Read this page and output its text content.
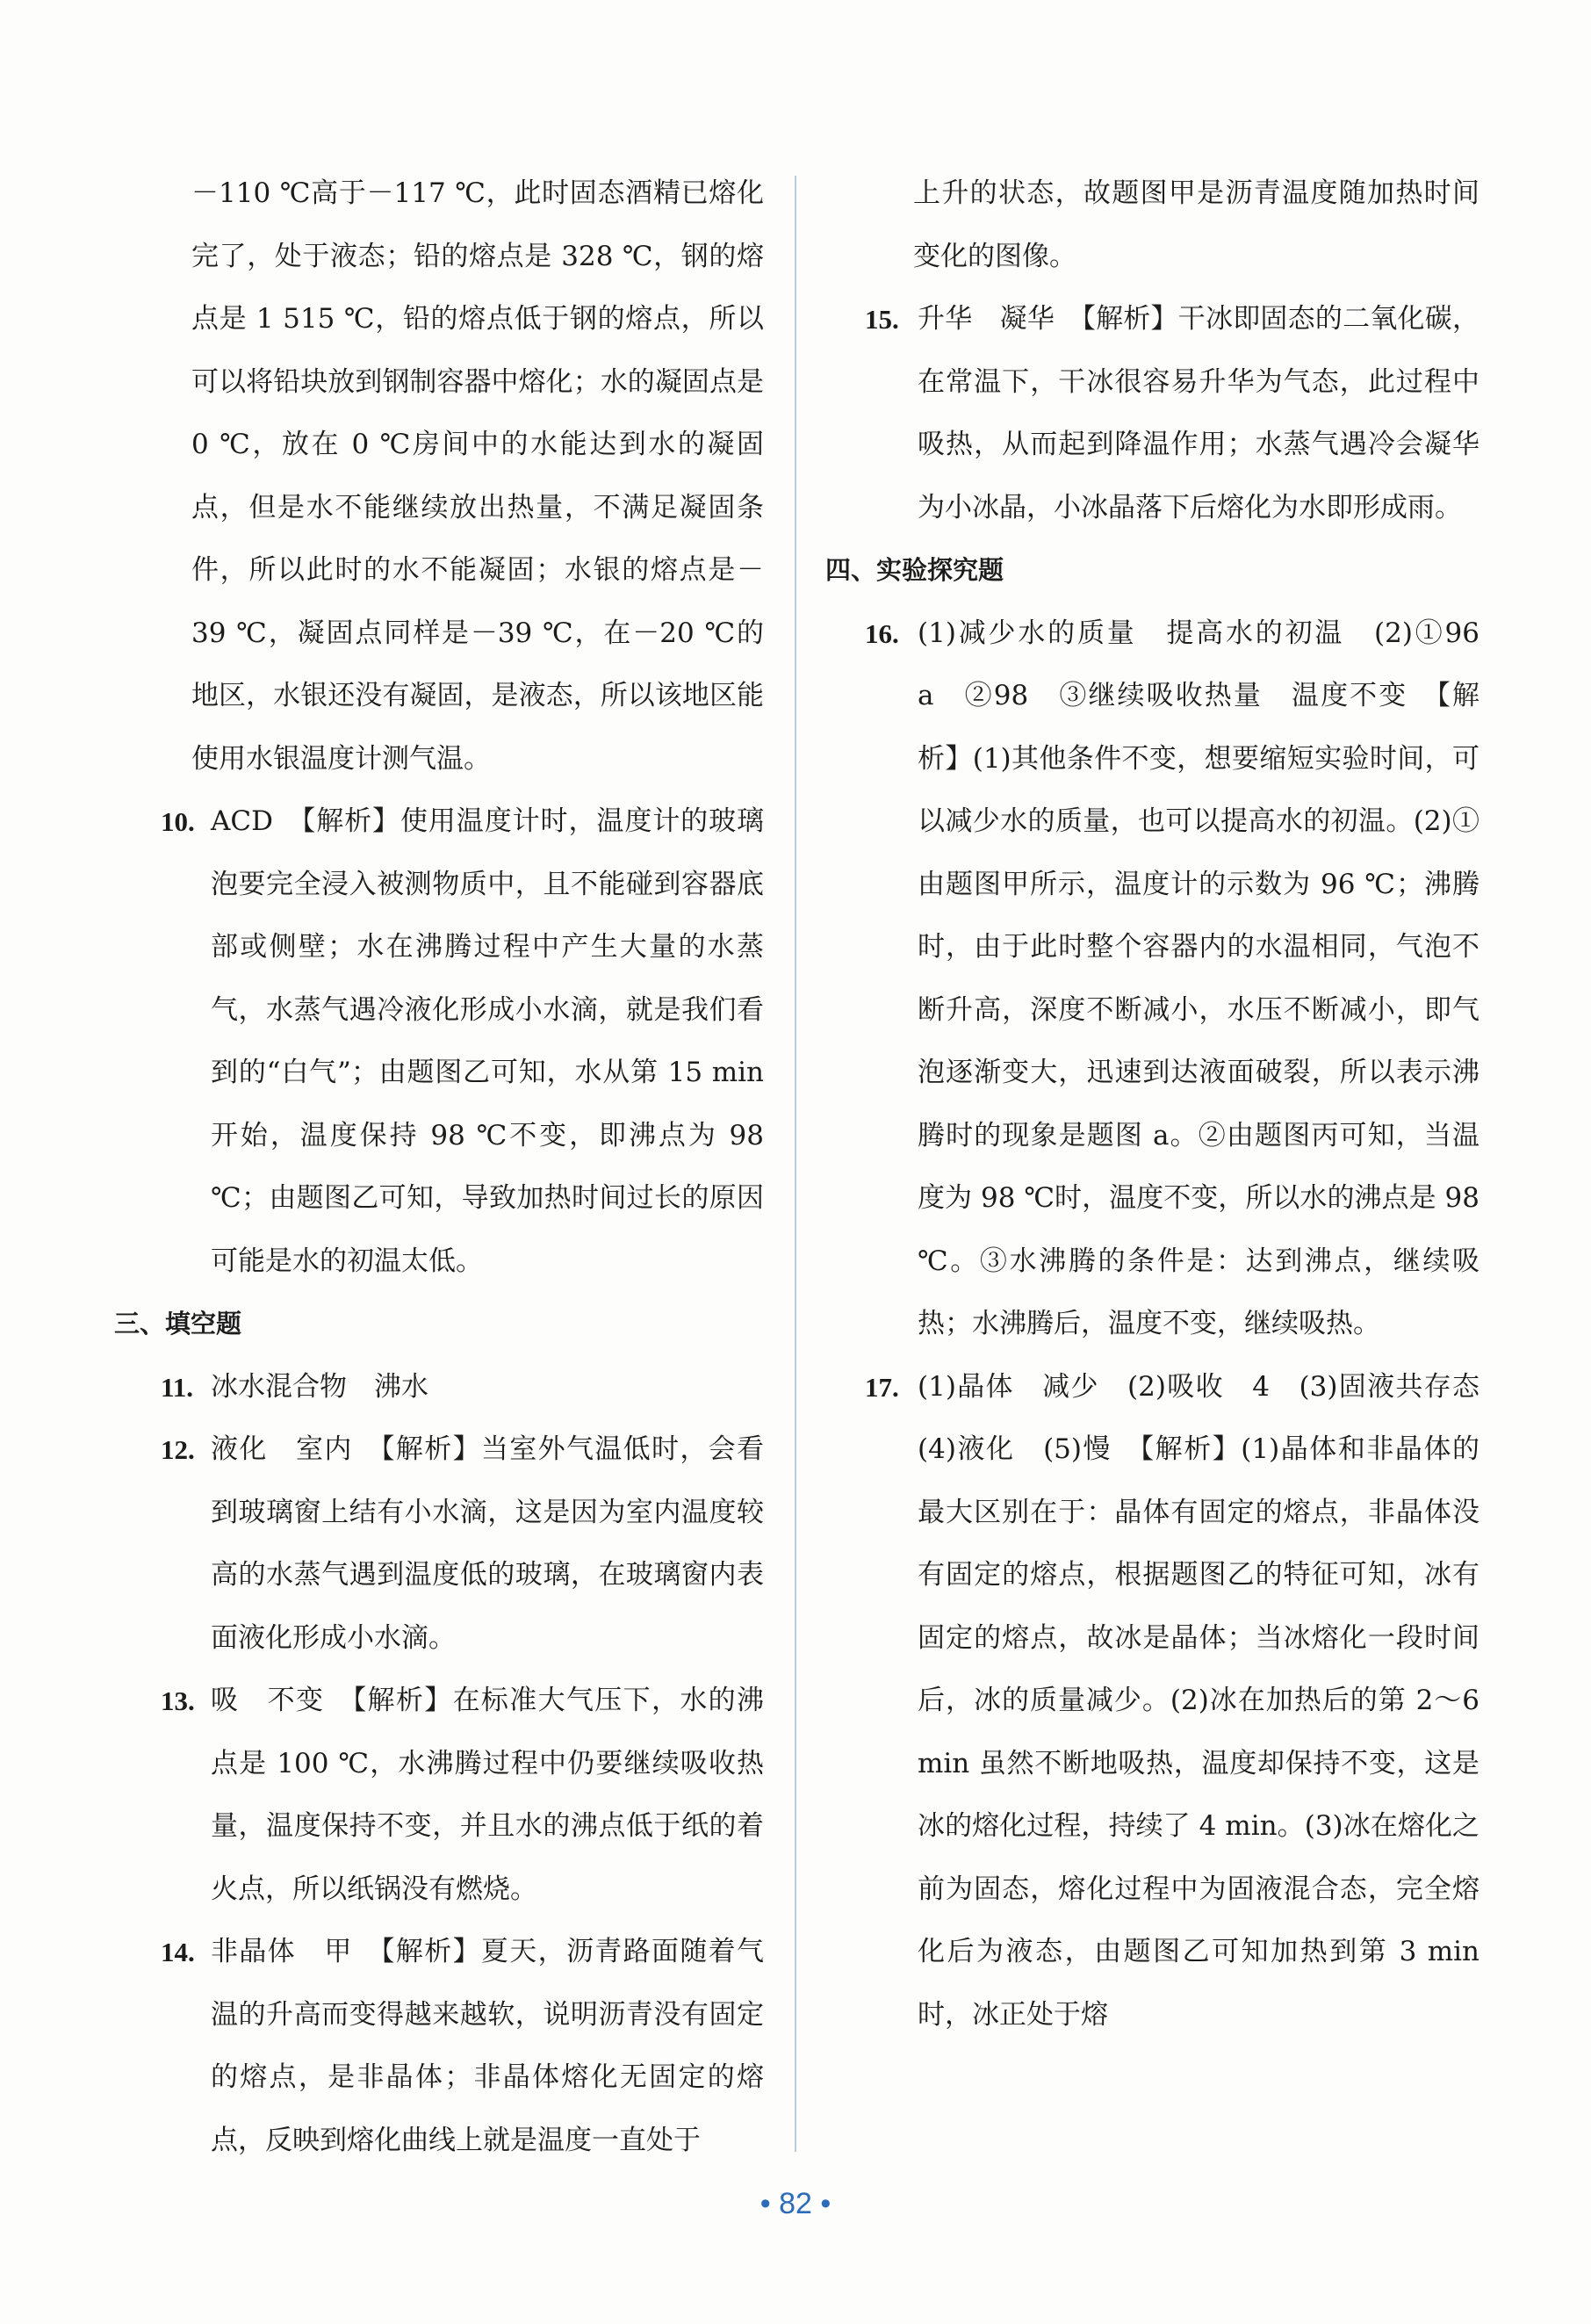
－110 ℃高于－117 ℃，此时固态酒精已熔化完了，处于液态；铅的熔点是 328 ℃，钢的熔点是 1 515 ℃，铅的熔点低于钢的熔点，所以可以将铅块放到钢制容器中熔化；水的凝固点是 0 ℃，放在 0 ℃房间中的水能达到水的凝固点，但是水不能继续放出热量，不满足凝固条件，所以此时的水不能凝固；水银的熔点是－39 ℃，凝固点同样是－39 ℃，在－20 ℃的地区，水银还没有凝固，是液态，所以该地区能使用水银温度计测气温。

10. ACD　【解析】使用温度计时，温度计的玻璃泡要完全浸入被测物质中，且不能碰到容器底部或侧壁；水在沸腾过程中产生大量的水蒸气，水蒸气遇冷液化形成小水滴，就是我们看到的“白气”；由题图乙可知，水从第 15 min 开始，温度保持 98 ℃不变，即沸点为 98 ℃；由题图乙可知，导致加热时间过长的原因可能是水的初温太低。

三、填空题

11. 冰水混合物　沸水

12. 液化　室内　【解析】当室外气温低时，会看到玻璃窗上结有小水滴，这是因为室内温度较高的水蒸气遇到温度低的玻璃，在玻璃窗内表面液化形成小水滴。

13. 吸　不变　【解析】在标准大气压下，水的沸点是 100 ℃，水沸腾过程中仍要继续吸收热量，温度保持不变，并且水的沸点低于纸的着火点，所以纸锅没有燃烧。

14. 非晶体　甲　【解析】夏天，沥青路面随着气温的升高而变得越来越软，说明沥青没有固定的熔点，是非晶体；非晶体熔化无固定的熔点，反映到熔化曲线上就是温度一直处于

上升的状态，故题图甲是沥青温度随加热时间变化的图像。

15. 升华　凝华　【解析】干冰即固态的二氧化碳，在常温下，干冰很容易升华为气态，此过程中吸热，从而起到降温作用；水蒸气遇冷会凝华为小冰晶，小冰晶落下后熔化为水即形成雨。

四、实验探究题

16. (1)减少水的质量　提高水的初温　(2)①96　a　②98　③继续吸收热量　温度不变　【解析】(1)其他条件不变，想要缩短实验时间，可以减少水的质量，也可以提高水的初温。(2)①由题图甲所示，温度计的示数为 96 ℃；沸腾时，由于此时整个容器内的水温相同，气泡不断升高，深度不断减小，水压不断减小，即气泡逐渐变大，迅速到达液面破裂，所以表示沸腾时的现象是题图 a。②由题图丙可知，当温度为 98 ℃时，温度不变，所以水的沸点是 98 ℃。③水沸腾的条件是：达到沸点，继续吸热；水沸腾后，温度不变，继续吸热。

17. (1)晶体　减少　(2)吸收　4　(3)固液共存态　(4)液化　(5)慢　【解析】(1)晶体和非晶体的最大区别在于：晶体有固定的熔点，非晶体没有固定的熔点，根据题图乙的特征可知，冰有固定的熔点，故冰是晶体；当冰熔化一段时间后，冰的质量减少。(2)冰在加热后的第 2～6 min 虽然不断地吸热，温度却保持不变，这是冰的熔化过程，持续了 4 min。(3)冰在熔化之前为固态，熔化过程中为固液混合态，完全熔化后为液态，由题图乙可知加热到第 3 min 时，冰正处于熔

• 82 •
